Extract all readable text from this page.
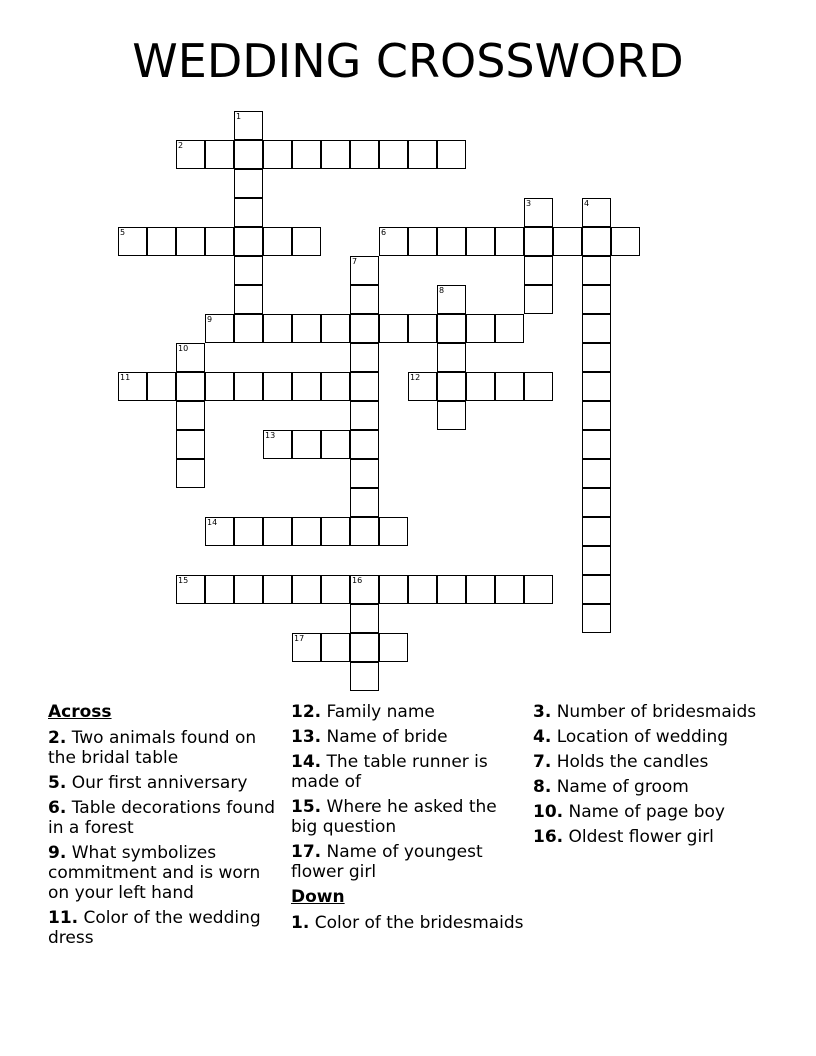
WEDDING CROSSWORD
1
2
3	4
5	6
7
8
9
10
11	12
13
14
15	16
17
Across
2. Two animals found on the bridal table
5. Our first anniversary
6. Table decorations found in a forest
9. What symbolizes commitment and is worn on your left hand
11. Color of the wedding dress
12. Family name
13. Name of bride
14. The table runner is made of
15. Where he asked the big question
17. Name of youngest flower girl
Down
1. Color of the bridesmaids
3. Number of bridesmaids
4. Location of wedding
7. Holds the candles
8. Name of groom
10. Name of page boy
16. Oldest flower girl
